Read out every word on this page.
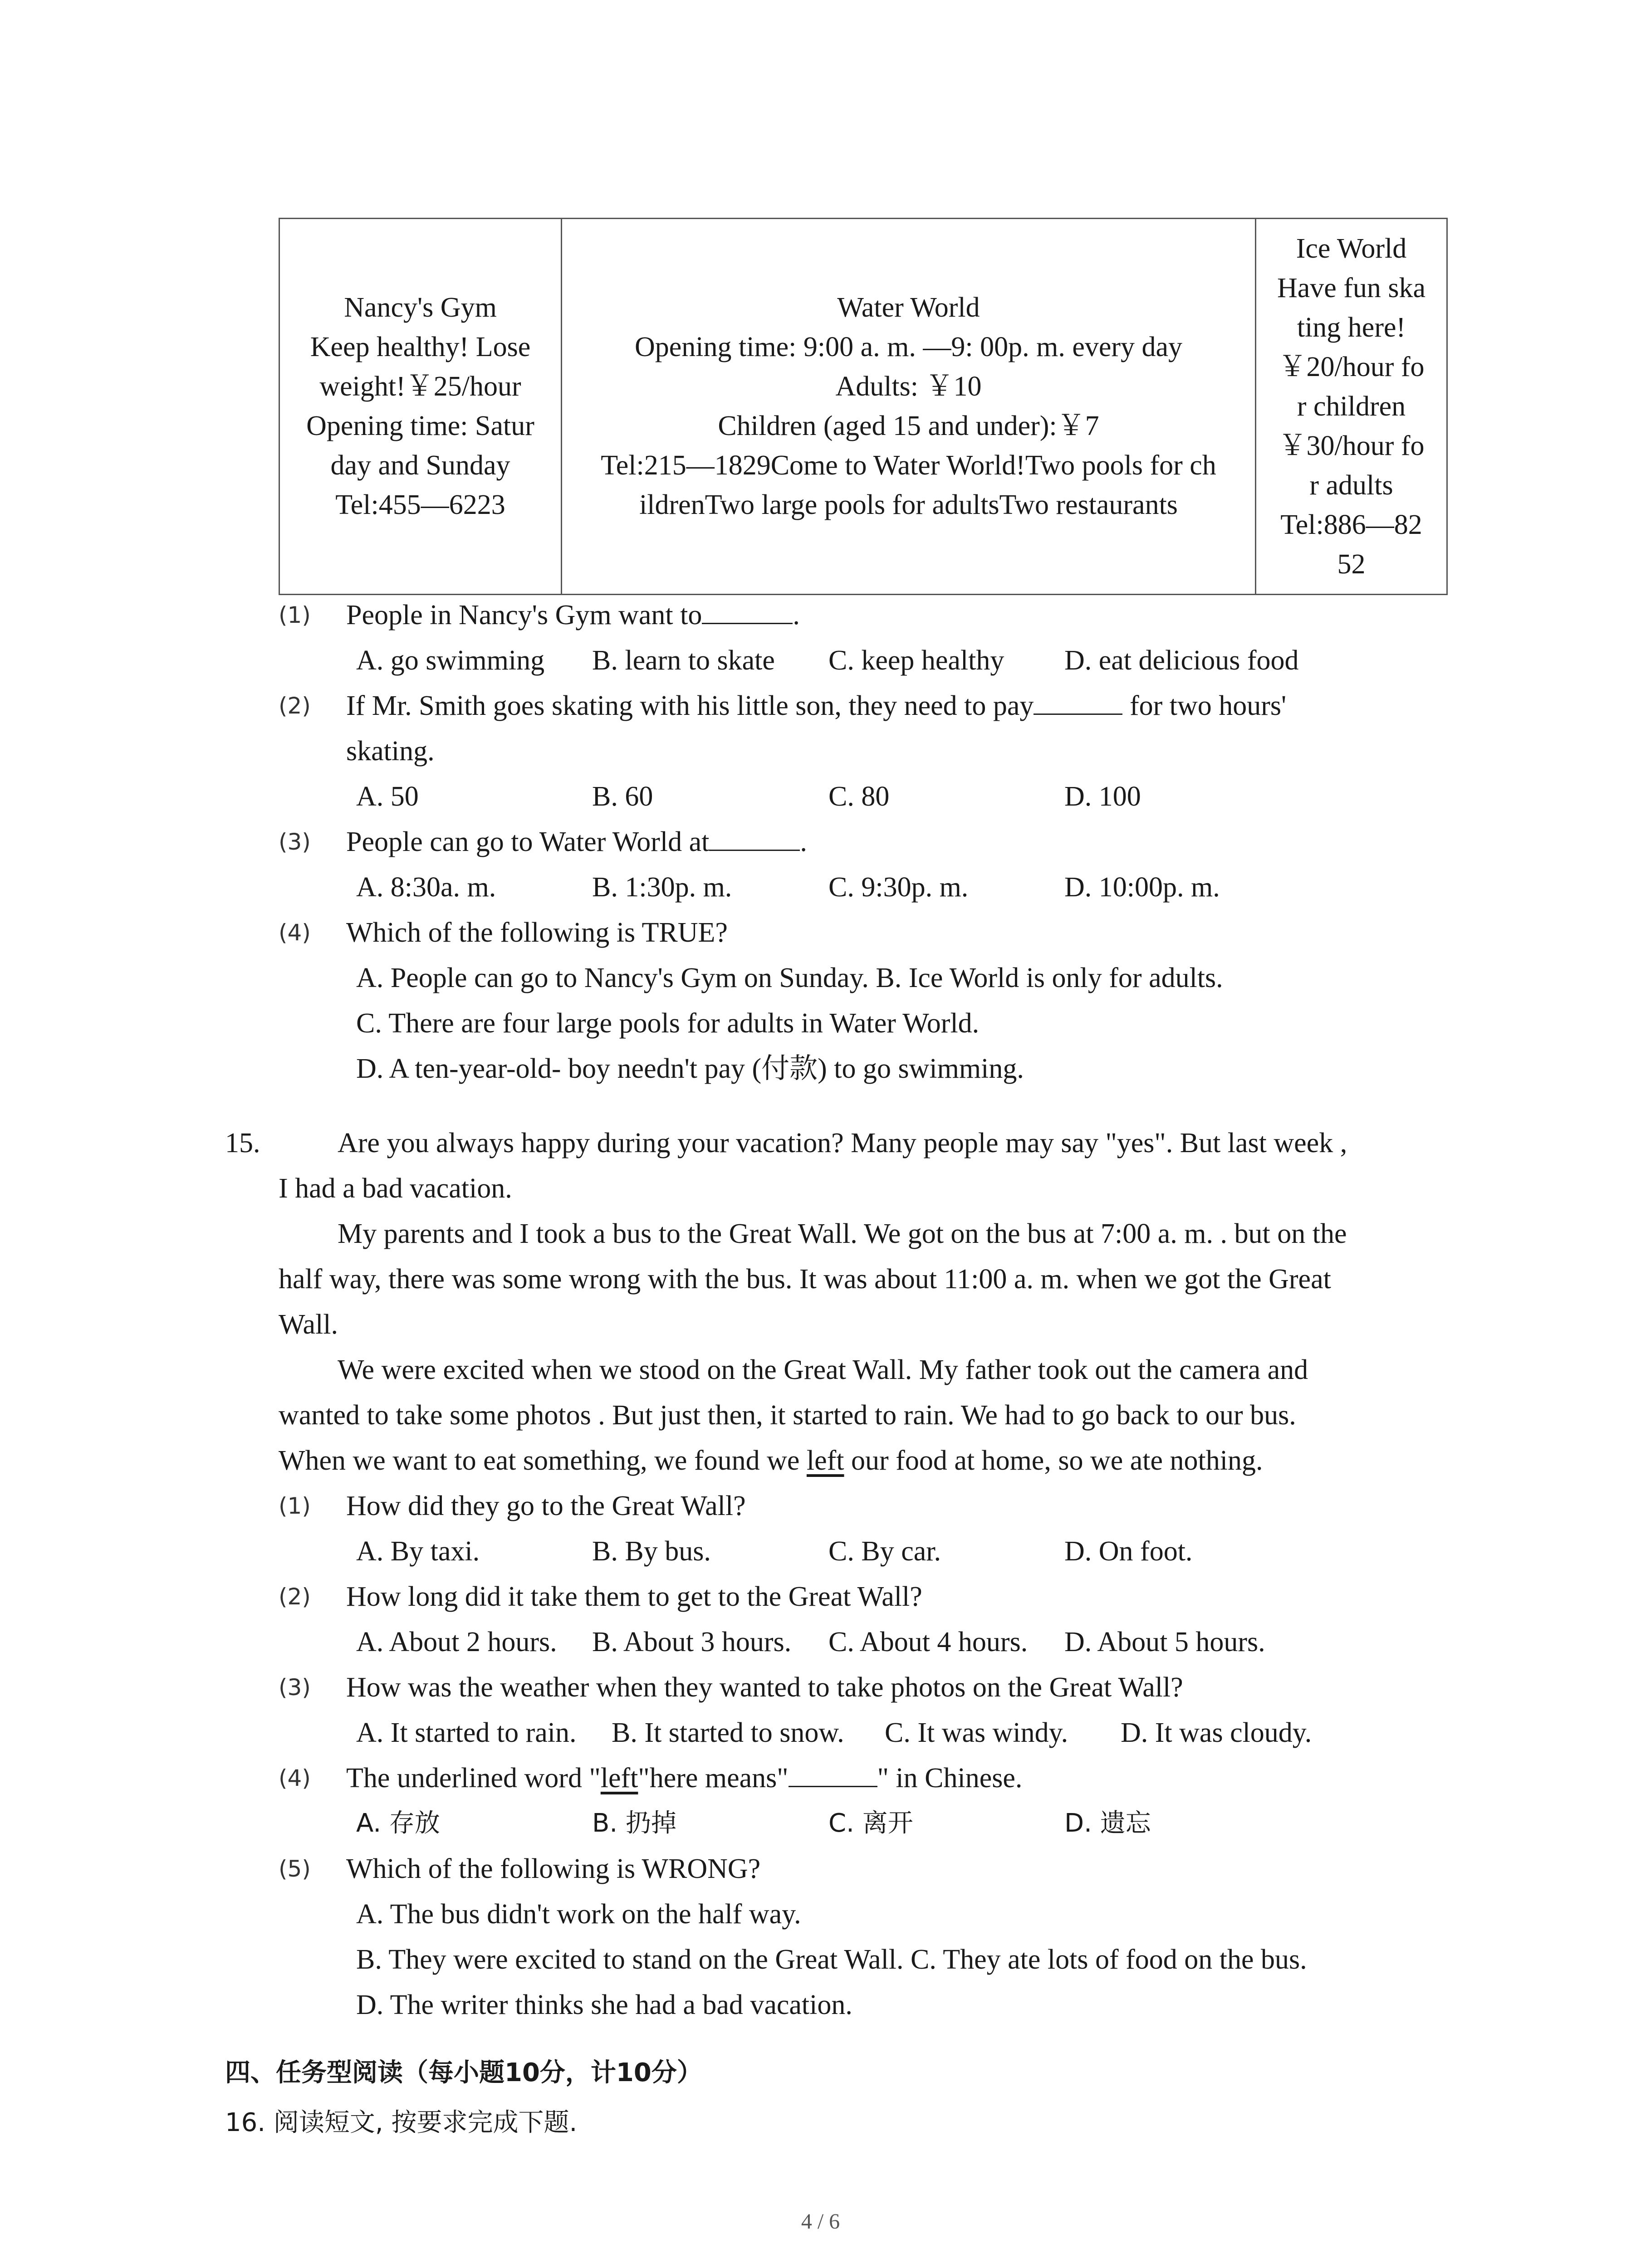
Nancy's Gym
Keep healthy! Lose
weight!￥25/hour
Opening time: Satur
day and Sunday
Tel:455—6223	Water World
Opening time: 9:00 a. m. —9: 00p. m. every day
Adults: ￥10
Children (aged 15 and under):￥7
Tel:215—1829Come to Water World!Two pools for ch
ildrenTwo large pools for adultsTwo restaurants	Ice World
Have fun ska
ting here!
￥20/hour fo
r children
￥30/hour fo
r adults
Tel:886—82
52
(1) People in Nancy's Gym want to	.
A. go swimming B. learn to skate C. keep healthy D. eat delicious food
(2) If Mr. Smith goes skating with his little son, they need to pay	for two hours'
skating.
A. 50	B. 60	C. 80	D. 100
(3) People can go to Water World at	.
A. 8:30a. m.	B. 1:30p. m.	C. 9:30p. m.	D. 10:00p. m.
(4) Which of the following is TRUE?
A. People can go to Nancy's Gym on Sunday. B. Ice World is only for adults.
C. There are four large pools for adults in Water World.
D. A ten-year-old- boy needn't pay (付款) to go swimming.
15.	Are you always happy during your vacation? Many people may say "yes". But last week ,
I had a bad vacation.
My parents and I took a bus to the Great Wall. We got on the bus at 7:00 a. m. . but on the
half way, there was some wrong with the bus. It was about 11:00 a. m. when we got the Great
Wall.
We were excited when we stood on the Great Wall. My father took out the camera and
wanted to take some photos . But just then, it started to rain. We had to go back to our bus.
When we want to eat something, we found we left our food at home, so we ate nothing.
(1) How did they go to the Great Wall?
A. By taxi.	B. By bus.	C. By car.	D. On foot.
(2) How long did it take them to get to the Great Wall?
A. About 2 hours. B. About 3 hours. C. About 4 hours. D. About 5 hours.
(3) How was the weather when they wanted to take photos on the Great Wall?
A. It started to rain. B. It started to snow. C. It was windy. D. It was cloudy.
(4) The underlined word "left"here means"	" in Chinese.
A. 存放	B. 扔掉	C. 离开	D. 遗忘
(5) Which of the following is WRONG?
A. The bus didn't work on the half way.
B. They were excited to stand on the Great Wall. C. They ate lots of food on the bus.
D. The writer thinks she had a bad vacation.
四、任务型阅读（每小题10分，计10分）
16. 阅读短文, 按要求完成下题.
4 / 6
